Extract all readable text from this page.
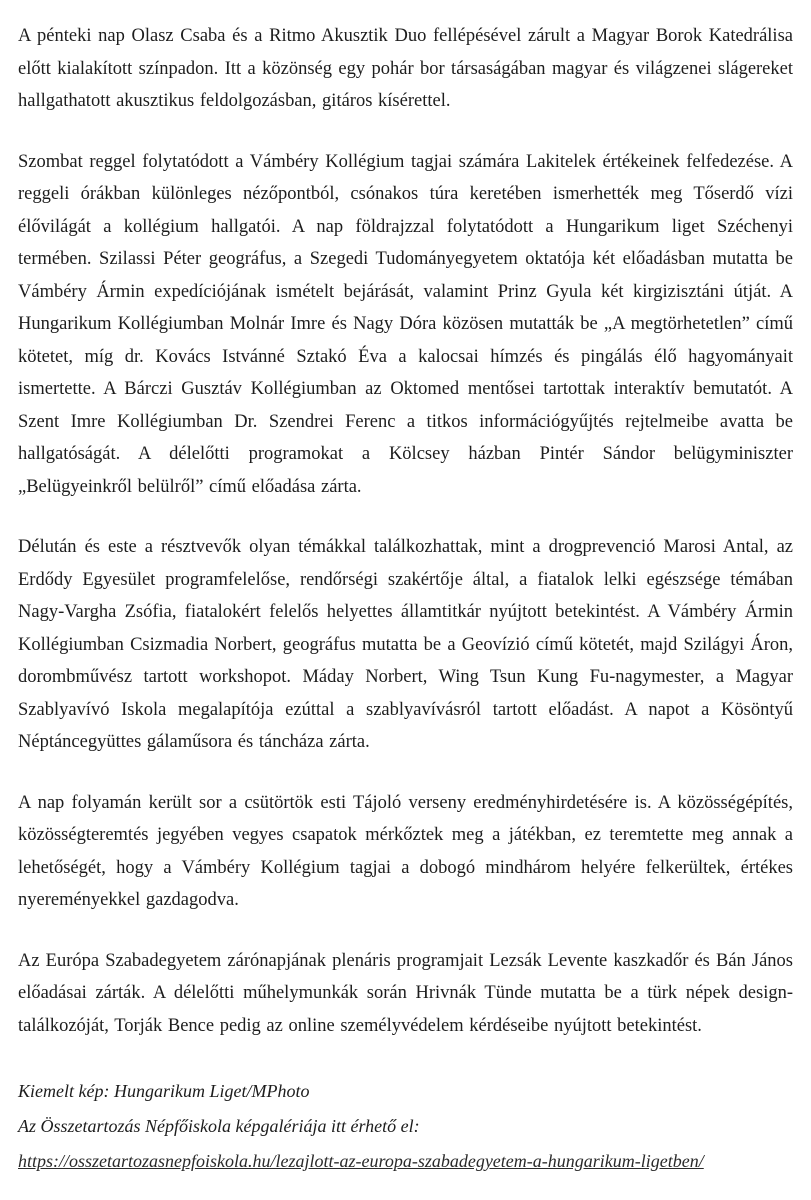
A pénteki nap Olasz Csaba és a Ritmo Akusztik Duo fellépésével zárult a Magyar Borok Katedrálisa előtt kialakított színpadon. Itt a közönség egy pohár bor társaságában magyar és világzenei slágereket hallgathatott akusztikus feldolgozásban, gitáros kísérettel.

Szombat reggel folytatódott a Vámbéry Kollégium tagjai számára Lakitelek értékeinek felfedezése. A reggeli órákban különleges nézőpontból, csónakos túra keretében ismerhették meg Tőserdő vízi élővilágát a kollégium hallgatói. A nap földrajzzal folytatódott a Hungarikum liget Széchenyi termében. Szilassi Péter geográfus, a Szegedi Tudományegyetem oktatója két előadásban mutatta be Vámbéry Ármin expedíciójának ismételt bejárását, valamint Prinz Gyula két kirgizisztáni útját. A Hungarikum Kollégiumban Molnár Imre és Nagy Dóra közösen mutatták be „A megtörhetetlen” című kötetet, míg dr. Kovács Istvánné Sztakó Éva a kalocsai hímzés és pingálás élő hagyományait ismertette. A Bárczi Gusztáv Kollégiumban az Oktomed mentősei tartottak interaktív bemutatót. A Szent Imre Kollégiumban Dr. Szendrei Ferenc a titkos információgyűjtés rejtelmeibe avatta be hallgatóságát. A délelőtti programokat a Kölcsey házban Pintér Sándor belügyminiszter „Belügyeinkről belülről” című előadása zárta.

Délután és este a résztvevők olyan témákkal találkozhattak, mint a drogprevenció Marosi Antal, az Erdődy Egyesület programfelelőse, rendőrségi szakértője által, a fiatalok lelki egészsége témában Nagy-Vargha Zsófia, fiatalokért felelős helyettes államtitkár nyújtott betekintést. A Vámbéry Ármin Kollégiumban Csizmadia Norbert, geográfus mutatta be a Geovízió című kötetét, majd Szilágyi Áron, dorombművész tartott workshopot. Máday Norbert, Wing Tsun Kung Fu-nagymester, a Magyar Szablyavívó Iskola megalapítója ezúttal a szablyavívásról tartott előadást. A napot a Kösöntyű Néptáncegyüttes gálaműsora és táncháza zárta.

A nap folyamán került sor a csütörtök esti Tájoló verseny eredményhirdetésére is. A közösségépítés, közösségteremtés jegyében vegyes csapatok mérkőztek meg a játékban, ez teremtette meg annak a lehetőségét, hogy a Vámbéry Kollégium tagjai a dobogó mindhárom helyére felkerültek, értékes nyereményekkel gazdagodva.

Az Európa Szabadegyetem zárónapjának plenáris programjait Lezsák Levente kaszkadőr és Bán János előadásai zárták. A délelőtti műhelymunkák során Hrivnák Tünde mutatta be a türk népek design-találkozóját, Torják Bence pedig az online személyvédelem kérdéseibe nyújtott betekintést.

Kiemelt kép: Hungarikum Liget/MPhoto

Az Összetartozás Népfőiskola képgalériája itt érhető el:

https://osszetartozasnepfoiskola.hu/lezajlott-az-europa-szabadegyetem-a-hungarikum-ligetben/
